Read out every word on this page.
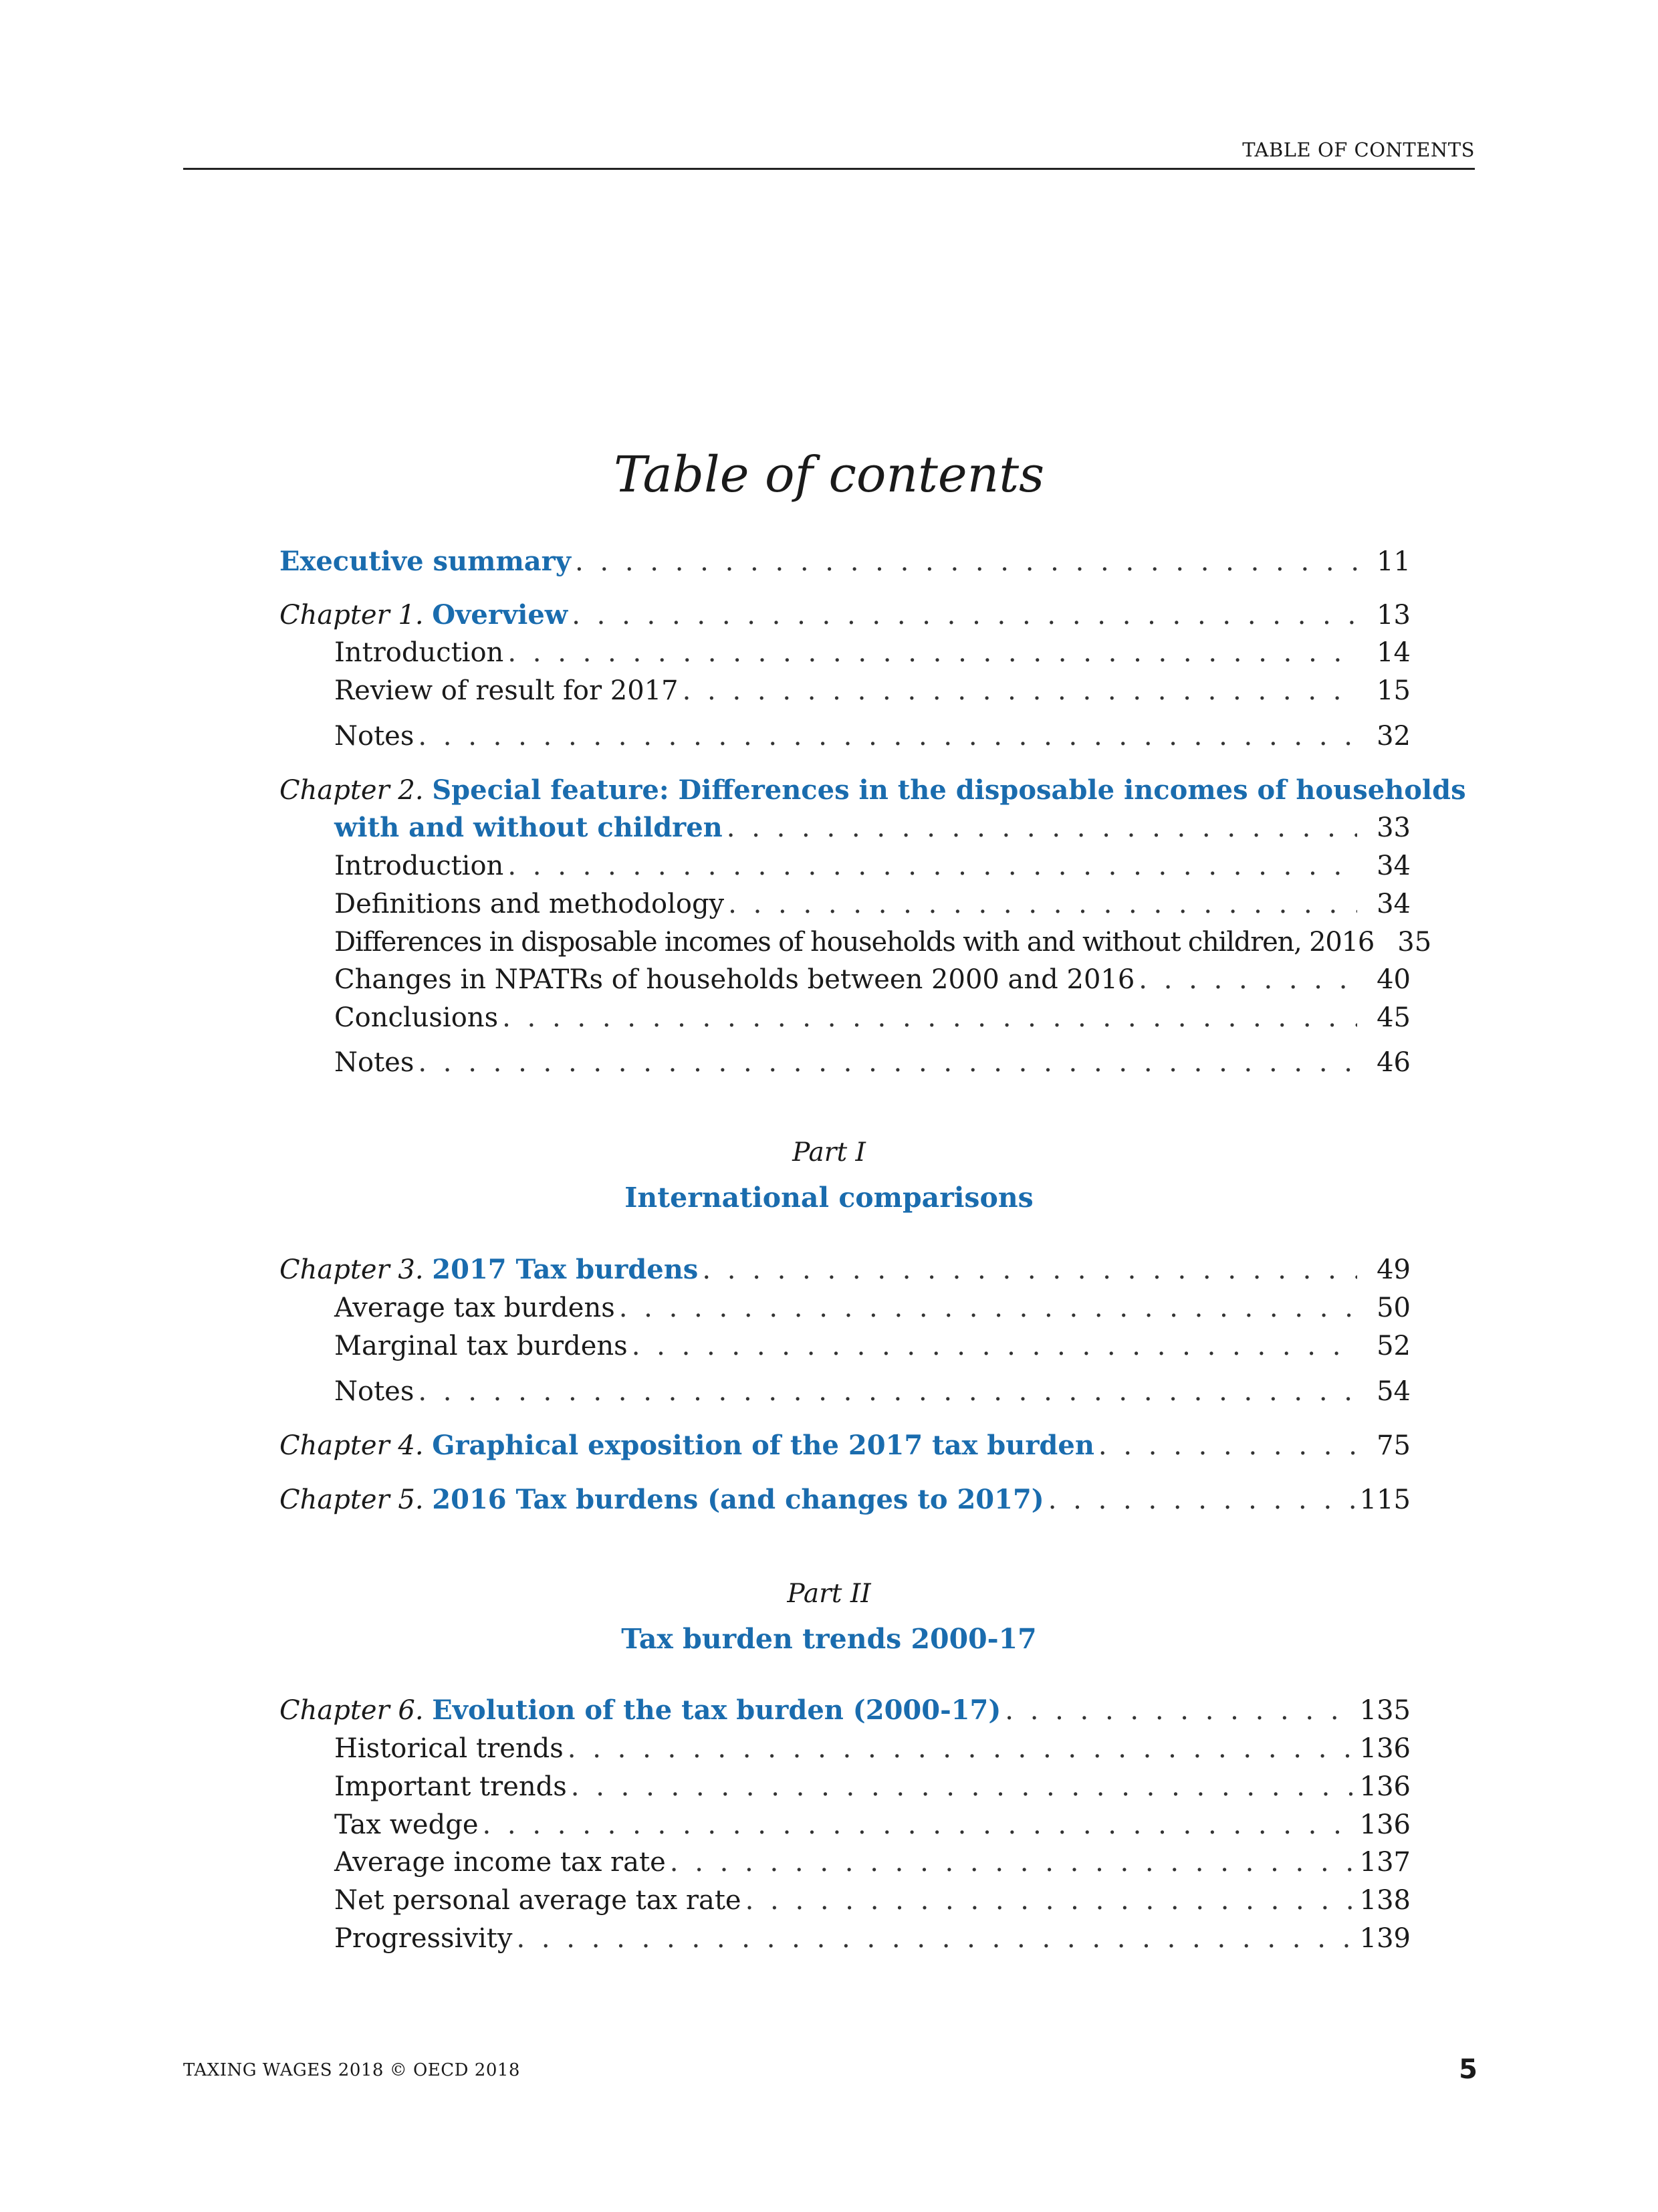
TABLE OF CONTENTS
Table of contents
Executive summary . . .	11
Chapter 1. Overview . . .	13
Introduction . . .	14
Review of result for 2017 . . .	15
Notes . . .	32
Chapter 2. Special feature: Differences in the disposable incomes of households
with and without children . . .	33
Introduction . . .	34
Definitions and methodology . . .	34
Differences in disposable incomes of households with and without children, 2016 35
Changes in NPATRs of households between 2000 and 2016 . . .	40
Conclusions . . .	45
Notes . . .	46
Part I
International comparisons
Chapter 3. 2017 Tax burdens . . .	49
Average tax burdens . . .	50
Marginal tax burdens . . .	52
Notes . . .	54
Chapter 4. Graphical exposition of the 2017 tax burden . . .	75
Chapter 5. 2016 Tax burdens (and changes to 2017) . . .	115
Part II
Tax burden trends 2000-17
Chapter 6. Evolution of the tax burden (2000-17) . . .	135
Historical trends . . .	136
Important trends . . .	136
Tax wedge . . .	136
Average income tax rate . . .	137
Net personal average tax rate . . .	138
Progressivity . . .	139
TAXING WAGES 2018 © OECD 2018	5
